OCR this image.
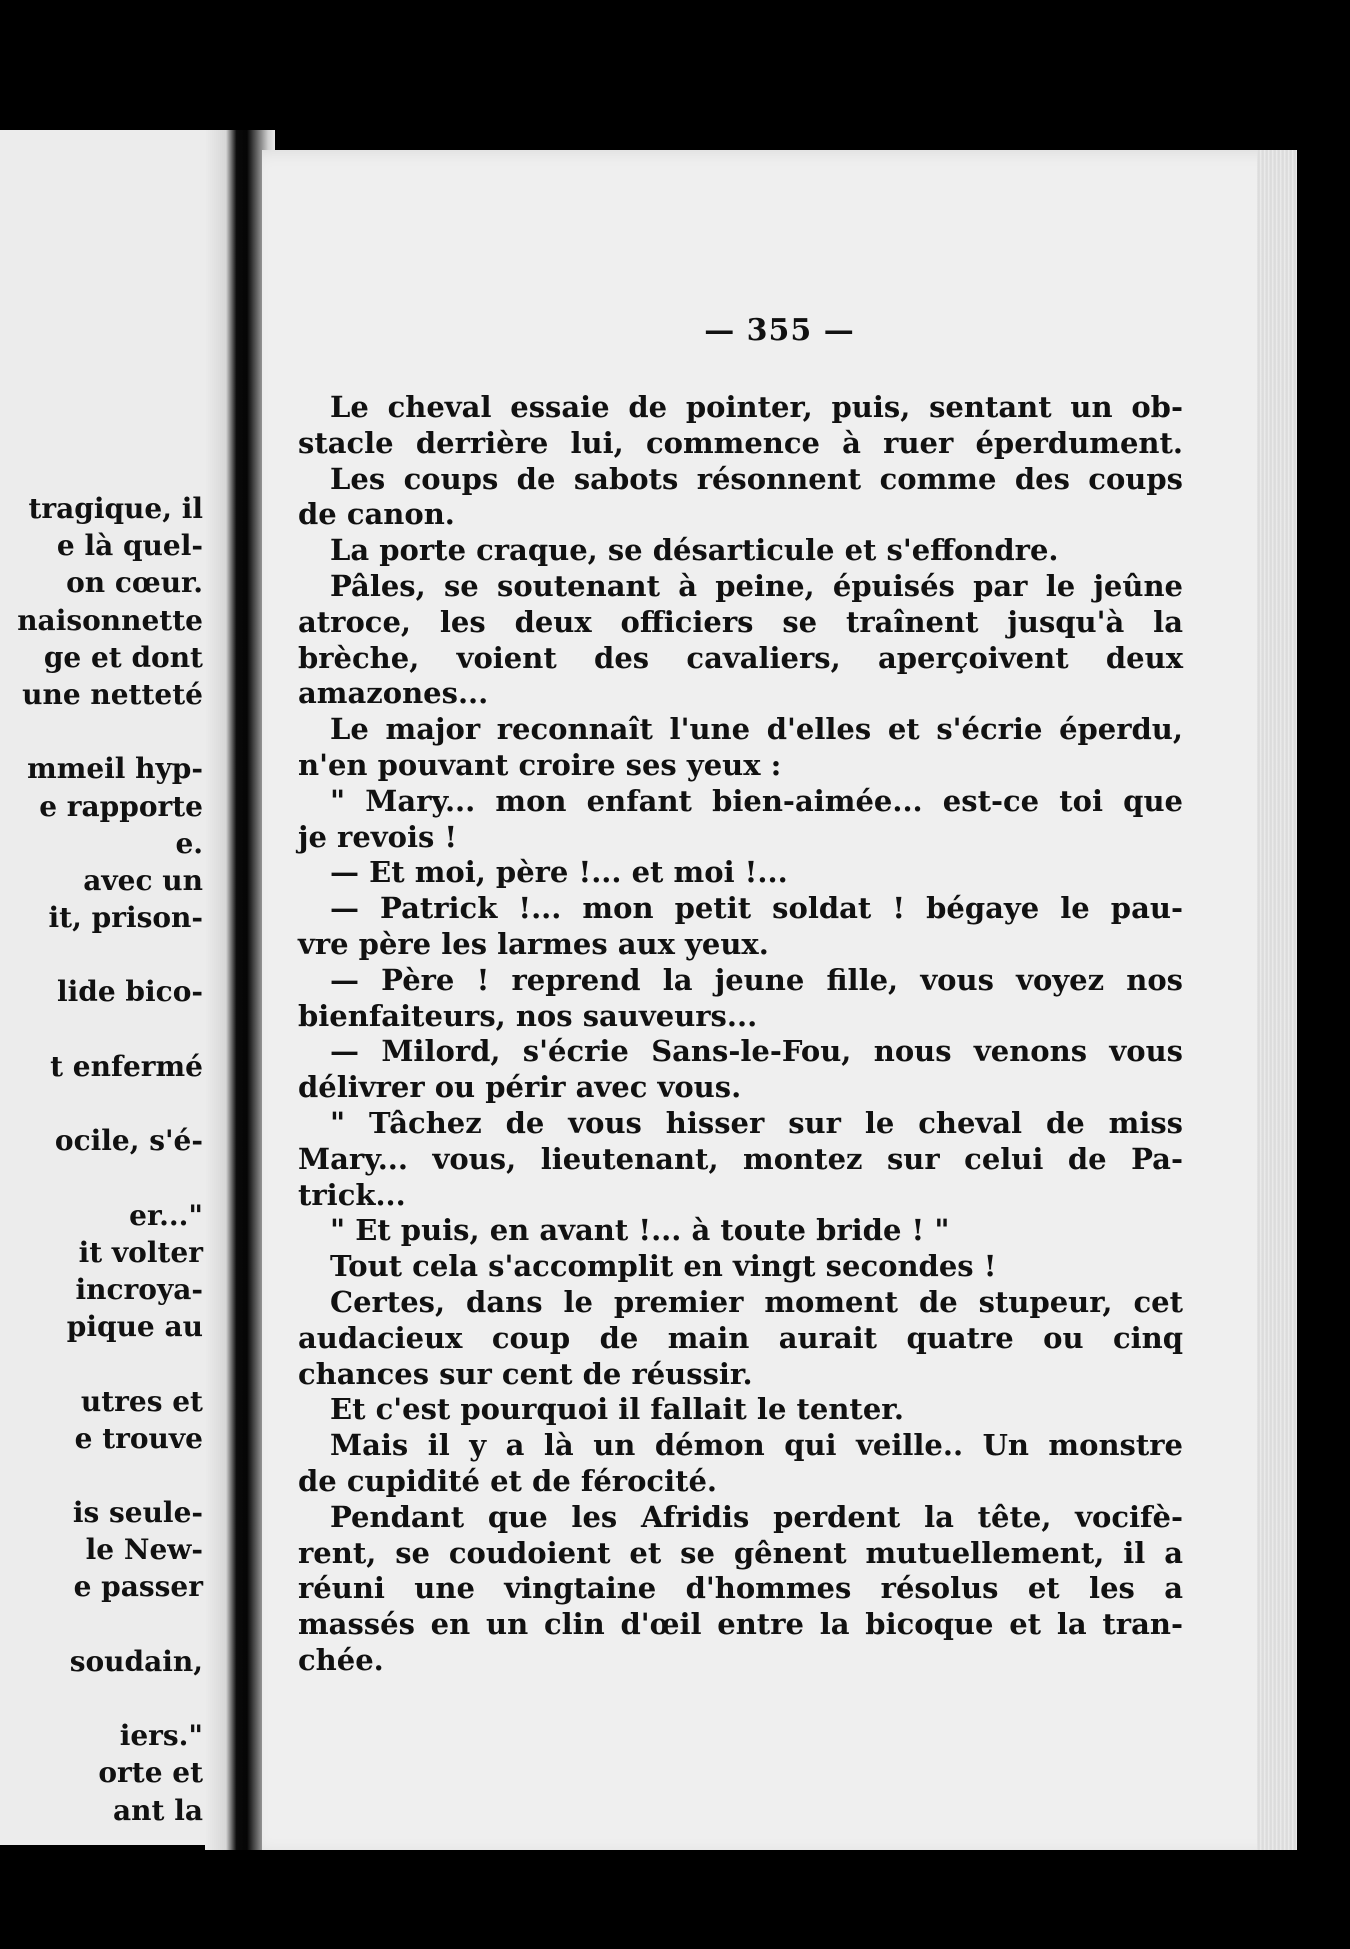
tragique, il
e là quel-
on cœur.
naisonnette
ge et dont
une netteté
mmeil hyp-
e rapporte
e.
avec un
it, prison-
lide bico-
t enfermé
ocile, s'é-
er..."
it volter
incroya-
pique au
utres et
e trouve
is seule-
le New-
e passer
soudain,
iers."
orte et
ant la
— 355 —
Le cheval essaie de pointer, puis, sentant un ob-
stacle derrière lui, commence à ruer éperdument.
Les coups de sabots résonnent comme des coups
de canon.
La porte craque, se désarticule et s'effondre.
Pâles, se soutenant à peine, épuisés par le jeûne
atroce, les deux officiers se traînent jusqu'à la
brèche, voient des cavaliers, aperçoivent deux
amazones...
Le major reconnaît l'une d'elles et s'écrie éperdu,
n'en pouvant croire ses yeux :
" Mary... mon enfant bien-aimée... est-ce toi que
je revois !
— Et moi, père !... et moi !...
— Patrick !... mon petit soldat ! bégaye le pau-
vre père les larmes aux yeux.
— Père ! reprend la jeune fille, vous voyez nos
bienfaiteurs, nos sauveurs...
— Milord, s'écrie Sans-le-Fou, nous venons vous
délivrer ou périr avec vous.
" Tâchez de vous hisser sur le cheval de miss
Mary... vous, lieutenant, montez sur celui de Pa-
trick...
" Et puis, en avant !... à toute bride ! "
Tout cela s'accomplit en vingt secondes !
Certes, dans le premier moment de stupeur, cet
audacieux coup de main aurait quatre ou cinq
chances sur cent de réussir.
Et c'est pourquoi il fallait le tenter.
Mais il y a là un démon qui veille.. Un monstre
de cupidité et de férocité.
Pendant que les Afridis perdent la tête, vocifè-
rent, se coudoient et se gênent mutuellement, il a
réuni une vingtaine d'hommes résolus et les a
massés en un clin d'œil entre la bicoque et la tran-
chée.
